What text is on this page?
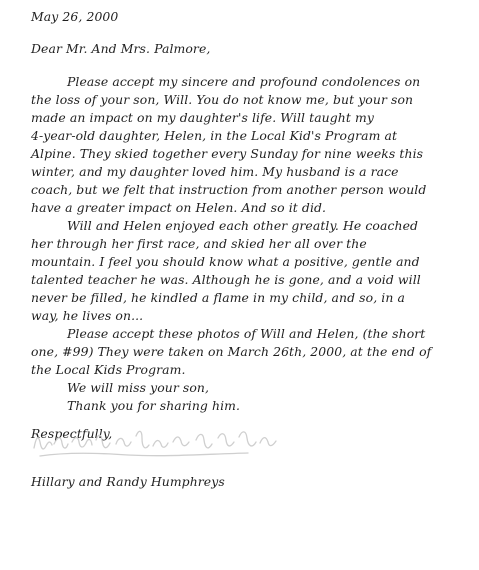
May 26, 2000
Dear Mr. And Mrs. Palmore,
Please accept my sincere and profound condolences on
the loss of your son, Will. You do not know me, but your son
made an impact on my daughter's life. Will taught my
4-year-old daughter, Helen, in the Local Kid's Program at
Alpine. They skied together every Sunday for nine weeks this
winter, and my daughter loved him. My husband is a race
coach, but we felt that instruction from another person would
have a greater impact on Helen. And so it did.
Will and Helen enjoyed each other greatly. He coached
her through her first race, and skied her all over the
mountain. I feel you should know what a positive, gentle and
talented teacher he was. Although he is gone, and a void will
never be filled, he kindled a flame in my child, and so, in a
way, he lives on...
Please accept these photos of Will and Helen, (the short
one, #99) They were taken on March 26th, 2000, at the end of
the Local Kids Program.
We will miss your son,
Thank you for sharing him.
Respectfully,
Hillary and Randy Humphreys
